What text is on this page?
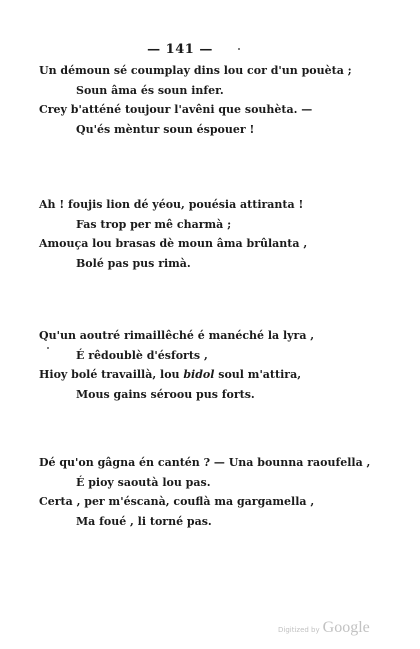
— 141 —
Un démoun sé coumplay dins lou cor d'un pouèta ;
Soun âma és soun infer.
Crey b'atténé toujour l'avêni que souhèta. —
Qu'és mèntur soun éspouer !
Ah ! foujis lion dé yéou, pouésia attiranta !
Fas trop per mê charmà ;
Amouça lou brasas dè moun âma brûlanta ,
Bolé pas pus rimà.
Qu'un aoutré rimaillêché é manéché la lyra ,
É rêdoublè d'ésforts ,
Hioy bolé travaillà, lou bidol soul m'attira,
Mous gains séroou pus forts.
Dé qu'on gâgna én cantén ? — Una bounna raoufella ,
É pioy saoutà lou pas.
Certa , per m'éscanà, couflà ma gargamella ,
Ma foué , li torné pas.
Digitized by Google
